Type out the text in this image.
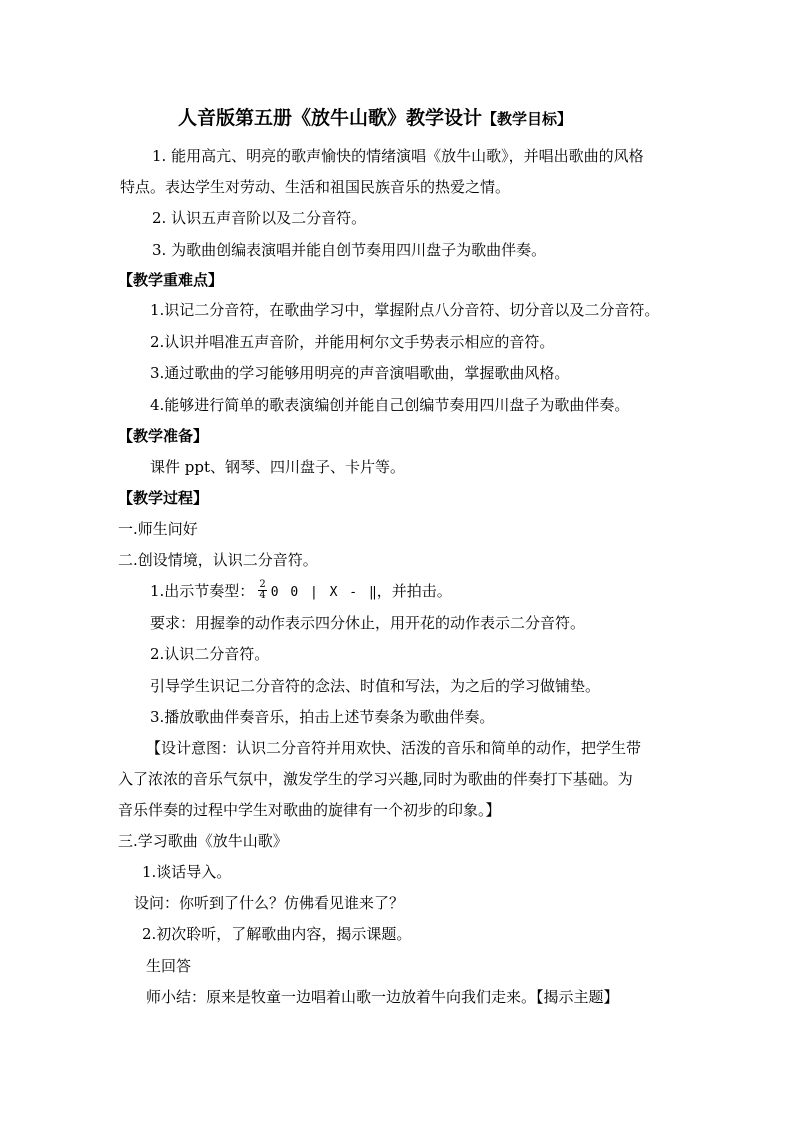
人音版第五册《放牛山歌》教学设计【教学目标】
1. 能用高亢、明亮的歌声愉快的情绪演唱《放牛山歌》，并唱出歌曲的风格
特点。表达学生对劳动、生活和祖国民族音乐的热爱之情。
2. 认识五声音阶以及二分音符。
3. 为歌曲创编表演唱并能自创节奏用四川盘子为歌曲伴奏。
【教学重难点】
1.识记二分音符，在歌曲学习中，掌握附点八分音符、切分音以及二分音符。
2.认识并唱准五声音阶，并能用柯尔文手势表示相应的音符。
3.通过歌曲的学习能够用明亮的声音演唱歌曲，掌握歌曲风格。
4.能够进行简单的歌表演编创并能自己创编节奏用四川盘子为歌曲伴奏。
【教学准备】
课件 ppt、钢琴、四川盘子、卡片等。
【教学过程】
一.师生问好
二.创设情境，认识二分音符。
1.出示节奏型： $\frac{2}{4} 0$ 0 | X - ‖，并拍击。
要求：用握拳的动作表示四分休止，用开花的动作表示二分音符。
2.认识二分音符。
引导学生识记二分音符的念法、时值和写法，为之后的学习做铺垫。
3.播放歌曲伴奏音乐，拍击上述节奏条为歌曲伴奏。
【设计意图：认识二分音符并用欢快、活泼的音乐和简单的动作，把学生带
入了浓浓的音乐气氛中，激发学生的学习兴趣,同时为歌曲的伴奏打下基础。为
音乐伴奏的过程中学生对歌曲的旋律有一个初步的印象。】
三.学习歌曲《放牛山歌》
1.谈话导入。
设问：你听到了什么？仿佛看见谁来了？
2.初次聆听，了解歌曲内容，揭示课题。
生回答
师小结：原来是牧童一边唱着山歌一边放着牛向我们走来。【揭示主题】
